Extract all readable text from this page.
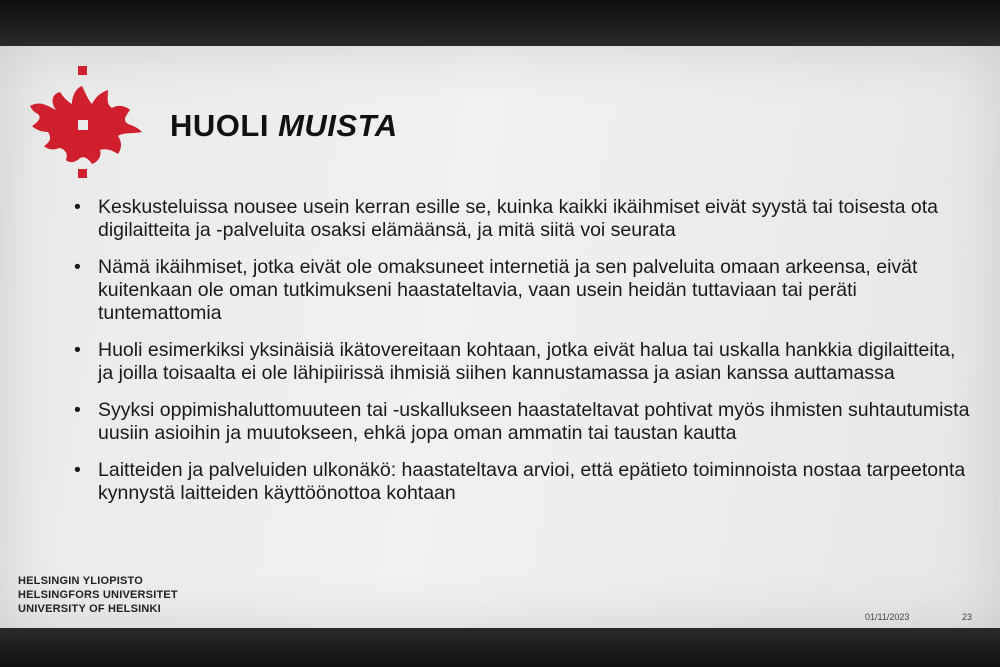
HUOLI MUISTA
• Keskusteluissa nousee usein kerran esille se, kuinka kaikki ikäihmiset eivät syystä tai toisesta ota digilaitteita ja -palveluita osaksi elämäänsä, ja mitä siitä voi seurata
• Nämä ikäihmiset, jotka eivät ole omaksuneet internetiä ja sen palveluita omaan arkeensa, eivät kuitenkaan ole oman tutkimukseni haastateltavia, vaan usein heidän tuttaviaan tai peräti tuntemattomia
• Huoli esimerkiksi yksinäisiä ikätovereitaan kohtaan, jotka eivät halua tai uskalla hankkia digilaitteita, ja joilla toisaalta ei ole lähipiirissä ihmisiä siihen kannustamassa ja asian kanssa auttamassa
• Syyksi oppimishaluttomuuteen tai -uskallukseen haastateltavat pohtivat myös ihmisten suhtautumista uusiin asioihin ja muutokseen, ehkä jopa oman ammatin tai taustan kautta
• Laitteiden ja palveluiden ulkonäkö: haastateltava arvioi, että epätieto toiminnoista nostaa tarpeetonta kynnystä laitteiden käyttöönottoa kohtaan
HELSINGIN YLIOPISTO
HELSINGFORS UNIVERSITET
UNIVERSITY OF HELSINKI
01/11/2023	23
